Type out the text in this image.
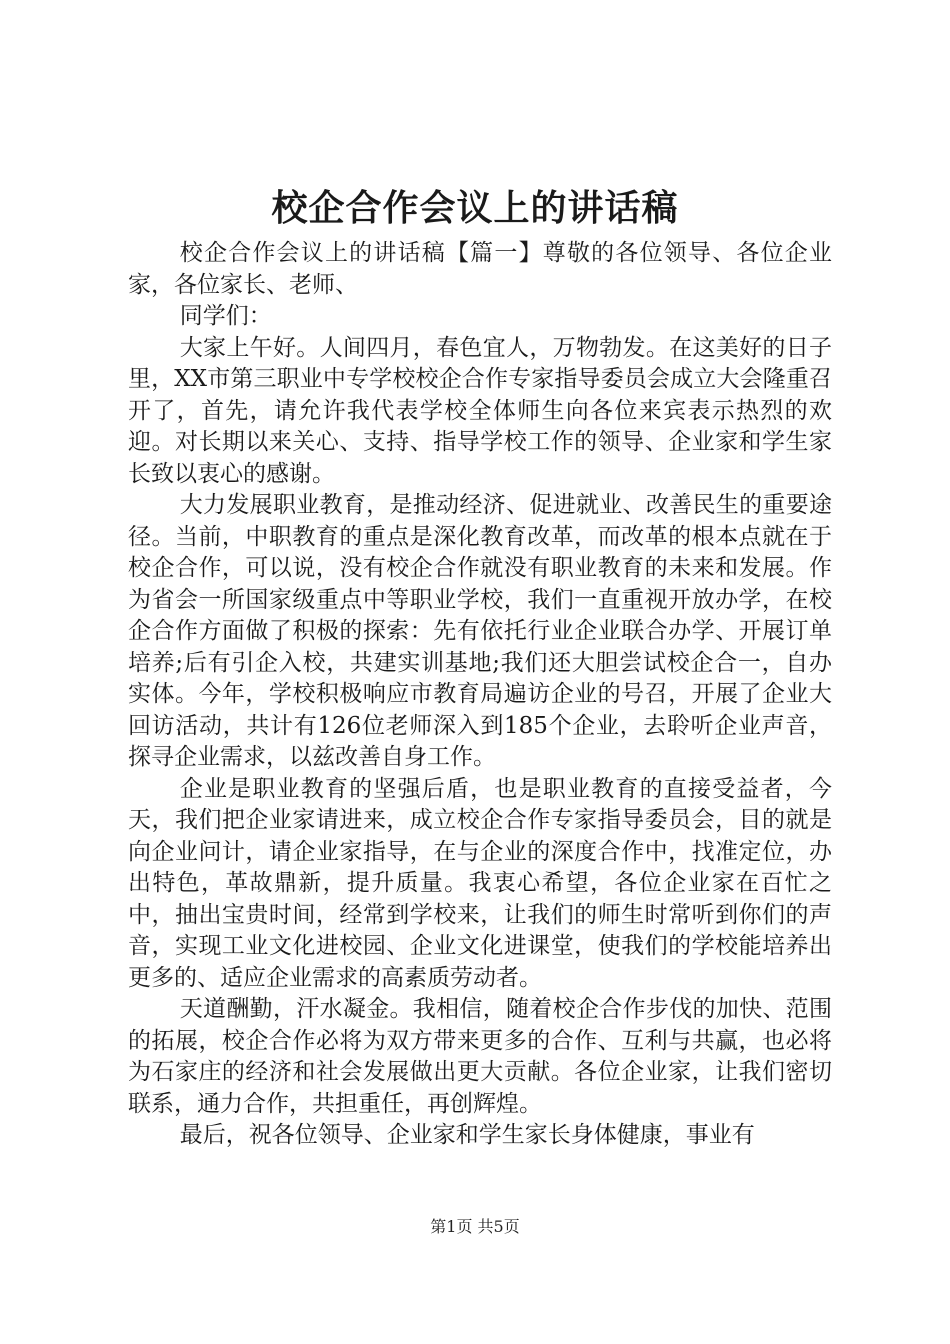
校企合作会议上的讲话稿

校企合作会议上的讲话稿【篇一】尊敬的各位领导、各位企业家，各位家长、老师、

同学们：

大家上午好。人间四月，春色宜人，万物勃发。在这美好的日子里，XX市第三职业中专学校校企合作专家指导委员会成立大会隆重召开了，首先，请允许我代表学校全体师生向各位来宾表示热烈的欢迎。对长期以来关心、支持、指导学校工作的领导、企业家和学生家长致以衷心的感谢。

大力发展职业教育，是推动经济、促进就业、改善民生的重要途径。当前，中职教育的重点是深化教育改革，而改革的根本点就在于校企合作，可以说，没有校企合作就没有职业教育的未来和发展。作为省会一所国家级重点中等职业学校，我们一直重视开放办学，在校企合作方面做了积极的探索：先有依托行业企业联合办学、开展订单培养;后有引企入校，共建实训基地;我们还大胆尝试校企合一，自办实体。今年，学校积极响应市教育局遍访企业的号召，开展了企业大回访活动，共计有126位老师深入到185个企业，去聆听企业声音，探寻企业需求，以兹改善自身工作。

企业是职业教育的坚强后盾，也是职业教育的直接受益者，今天，我们把企业家请进来，成立校企合作专家指导委员会，目的就是向企业问计，请企业家指导，在与企业的深度合作中，找准定位，办出特色，革故鼎新，提升质量。我衷心希望，各位企业家在百忙之中，抽出宝贵时间，经常到学校来，让我们的师生时常听到你们的声音，实现工业文化进校园、企业文化进课堂，使我们的学校能培养出更多的、适应企业需求的高素质劳动者。

天道酬勤，汗水凝金。我相信，随着校企合作步伐的加快、范围的拓展，校企合作必将为双方带来更多的合作、互利与共赢，也必将为石家庄的经济和社会发展做出更大贡献。各位企业家，让我们密切联系，通力合作，共担重任，再创辉煌。

最后，祝各位领导、企业家和学生家长身体健康，事业有

第1页 共5页
